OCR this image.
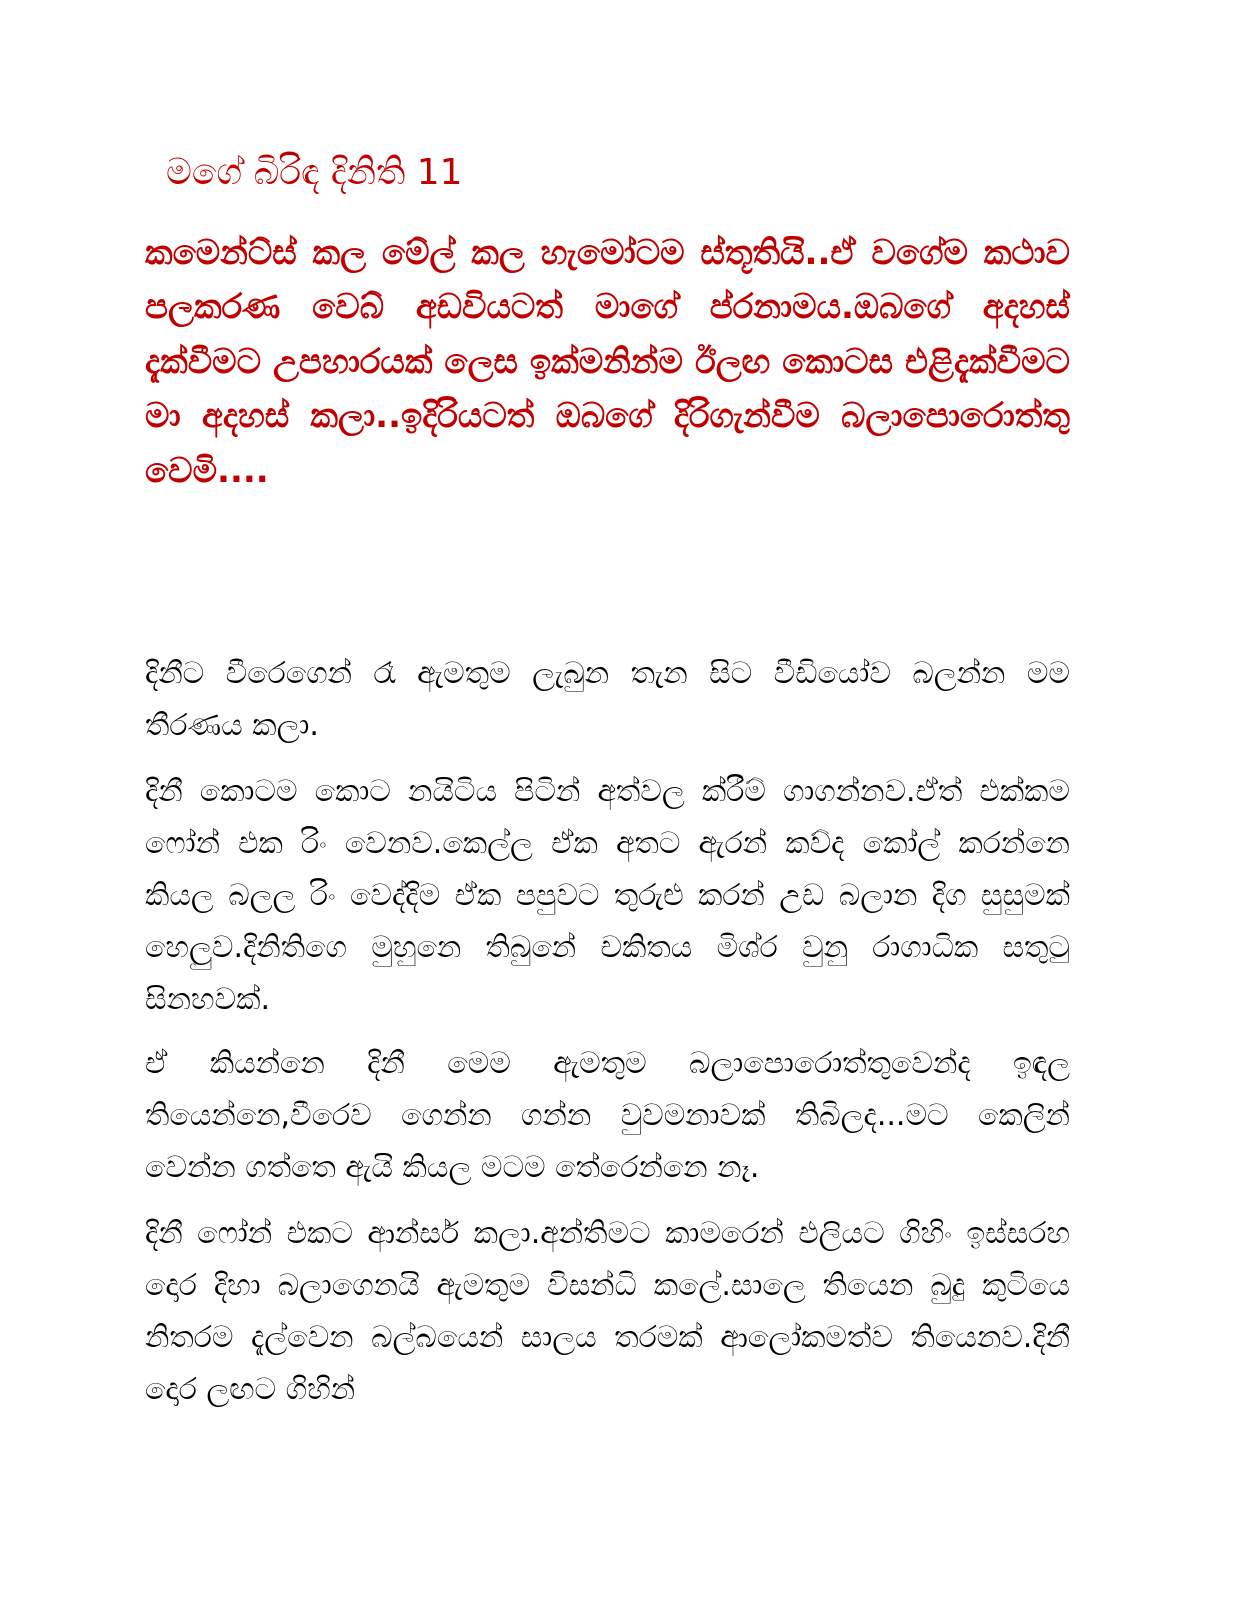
මගේ බිරිඳ දිනිති 11

කමෙන්ට්ස් කල මේල් කල හැමෝටම ස්තූතියි..ඒ වගේම කථාව පලකරණ වෙබ් අඩවියටත් මාගේ ප්රනාමය.ඔබගේ අදහස් දැක්වීමට උපහාරයක් ලෙස ඉක්මනින්ම ඊලඟ කොටස එළිදැක්වීමට මා අදහස් කලා..ඉදිරියටත් ඔබගේ දිරිගැන්වීම බලාපොරොත්තු වෙමි....

දිනීට වීරෙගෙන් රෑ ඇමතුම ලැබුන තැන සිට වීඩියෝව බලන්න මම තීරණය කලා.

දිනී කොටම කොට නයිටිය පිටින් අත්වල ක්රීම් ගාගන්නව.ඒත් එක්කම ෆෝන් එක රිං වෙනව.කෙල්ල ඒක අතට ඇරන් කව්ද කෝල් කරන්නෙ කියල බලල රිං වෙද්දිම ඒක පපුවට තුරුළු කරන් උඩ බලාන දිග සුසුමක් හෙලුව.දිනිතිගෙ මුහුනෙ තිබුනේ චකිතය මිශ්ර වුනු රාගාධික සතුටු සිනහවක්.

ඒ කියන්නෙ දිනී මෙම ඇමතුම බලාපොරොත්තුවෙන්ද ඉඳල තියෙන්නෙ,වීරෙව ගෙන්න ගන්න වුවමනාවක් තිබිලද...මට කෙලින් වෙන්න ගත්තෙ ඇයි කියල මටම තේරෙන්නෙ නෑ.

දිනී ෆෝන් එකට ආන්සර් කලා.අන්තිමට කාමරෙන් එලියට ගිහිං ඉස්සරහ දොර දිහා බලාගෙනයි ඇමතුම විසන්ධි කලේ.සාලෙ තියෙන බුදු කුටියෙ නිතරම දැල්වෙන බල්බයෙන් සාලය තරමක් ආලෝකමත්ව තියෙනව.දිනී දොර ලඟට ගිහින්
